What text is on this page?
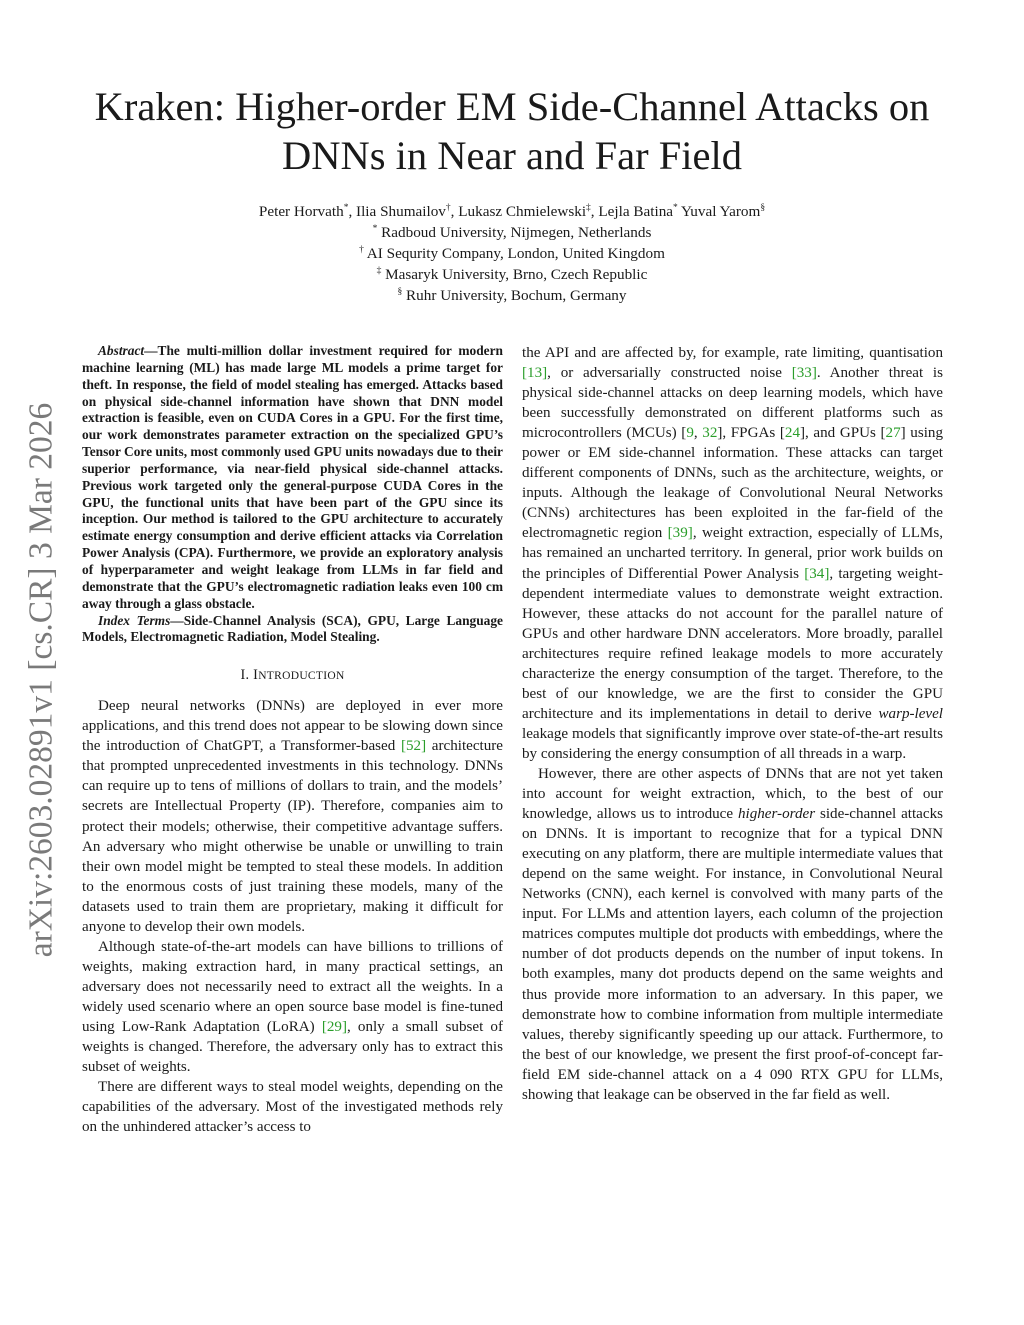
arXiv:2603.02891v1 [cs.CR] 3 Mar 2026
Kraken: Higher-order EM Side-Channel Attacks on
DNNs in Near and Far Field
Peter Horvath*, Ilia Shumailov†, Lukasz Chmielewski‡, Lejla Batina* Yuval Yarom§
* Radboud University, Nijmegen, Netherlands
† AI Sequrity Company, London, United Kingdom
‡ Masaryk University, Brno, Czech Republic
§ Ruhr University, Bochum, Germany

Abstract—The multi-million dollar investment required for modern machine learning (ML) has made large ML models a prime target for theft. In response, the field of model stealing has emerged. Attacks based on physical side-channel information have shown that DNN model extraction is feasible, even on CUDA Cores in a GPU. For the first time, our work demonstrates parameter extraction on the specialized GPU’s Tensor Core units, most commonly used GPU units nowadays due to their superior performance, via near-field physical side-channel attacks. Previous work targeted only the general-purpose CUDA Cores in the GPU, the functional units that have been part of the GPU since its inception. Our method is tailored to the GPU architecture to accurately estimate energy consumption and derive efficient attacks via Correlation Power Analysis (CPA). Furthermore, we provide an exploratory analysis of hyperparameter and weight leakage from LLMs in far field and demonstrate that the GPU’s electromagnetic radiation leaks even 100 cm away through a glass obstacle.

Index Terms—Side-Channel Analysis (SCA), GPU, Large Language Models, Electromagnetic Radiation, Model Stealing.

I. INTRODUCTION

Deep neural networks (DNNs) are deployed in ever more applications, and this trend does not appear to be slowing down since the introduction of ChatGPT, a Transformer-based [52] architecture that prompted unprecedented investments in this technology. DNNs can require up to tens of millions of dollars to train, and the models’ secrets are Intellectual Property (IP). Therefore, companies aim to protect their models; otherwise, their competitive advantage suffers. An adversary who might otherwise be unable or unwilling to train their own model might be tempted to steal these models. In addition to the enormous costs of just training these models, many of the datasets used to train them are proprietary, making it difficult for anyone to develop their own models.

Although state-of-the-art models can have billions to trillions of weights, making extraction hard, in many practical settings, an adversary does not necessarily need to extract all the weights. In a widely used scenario where an open source base model is fine-tuned using Low-Rank Adaptation (LoRA) [29], only a small subset of weights is changed. Therefore, the adversary only has to extract this subset of weights.

There are different ways to steal model weights, depending on the capabilities of the adversary. Most of the investigated methods rely on the unhindered attacker’s access to

the API and are affected by, for example, rate limiting, quantisation [13], or adversarially constructed noise [33]. Another threat is physical side-channel attacks on deep learning models, which have been successfully demonstrated on different platforms such as microcontrollers (MCUs) [9, 32], FPGAs [24], and GPUs [27] using power or EM side-channel information. These attacks can target different components of DNNs, such as the architecture, weights, or inputs. Although the leakage of Convolutional Neural Networks (CNNs) architectures has been exploited in the far-field of the electromagnetic region [39], weight extraction, especially of LLMs, has remained an uncharted territory. In general, prior work builds on the principles of Differential Power Analysis [34], targeting weight-dependent intermediate values to demonstrate weight extraction. However, these attacks do not account for the parallel nature of GPUs and other hardware DNN accelerators. More broadly, parallel architectures require refined leakage models to more accurately characterize the energy consumption of the target. Therefore, to the best of our knowledge, we are the first to consider the GPU architecture and its implementations in detail to derive warp-level leakage models that significantly improve over state-of-the-art results by considering the energy consumption of all threads in a warp.

However, there are other aspects of DNNs that are not yet taken into account for weight extraction, which, to the best of our knowledge, allows us to introduce higher-order side-channel attacks on DNNs. It is important to recognize that for a typical DNN executing on any platform, there are multiple intermediate values that depend on the same weight. For instance, in Convolutional Neural Networks (CNN), each kernel is convolved with many parts of the input. For LLMs and attention layers, each column of the projection matrices computes multiple dot products with embeddings, where the number of dot products depends on the number of input tokens. In both examples, many dot products depend on the same weights and thus provide more information to an adversary. In this paper, we demonstrate how to combine information from multiple intermediate values, thereby significantly speeding up our attack. Furthermore, to the best of our knowledge, we present the first proof-of-concept far-field EM side-channel attack on a 4 090 RTX GPU for LLMs, showing that leakage can be observed in the far field as well.
